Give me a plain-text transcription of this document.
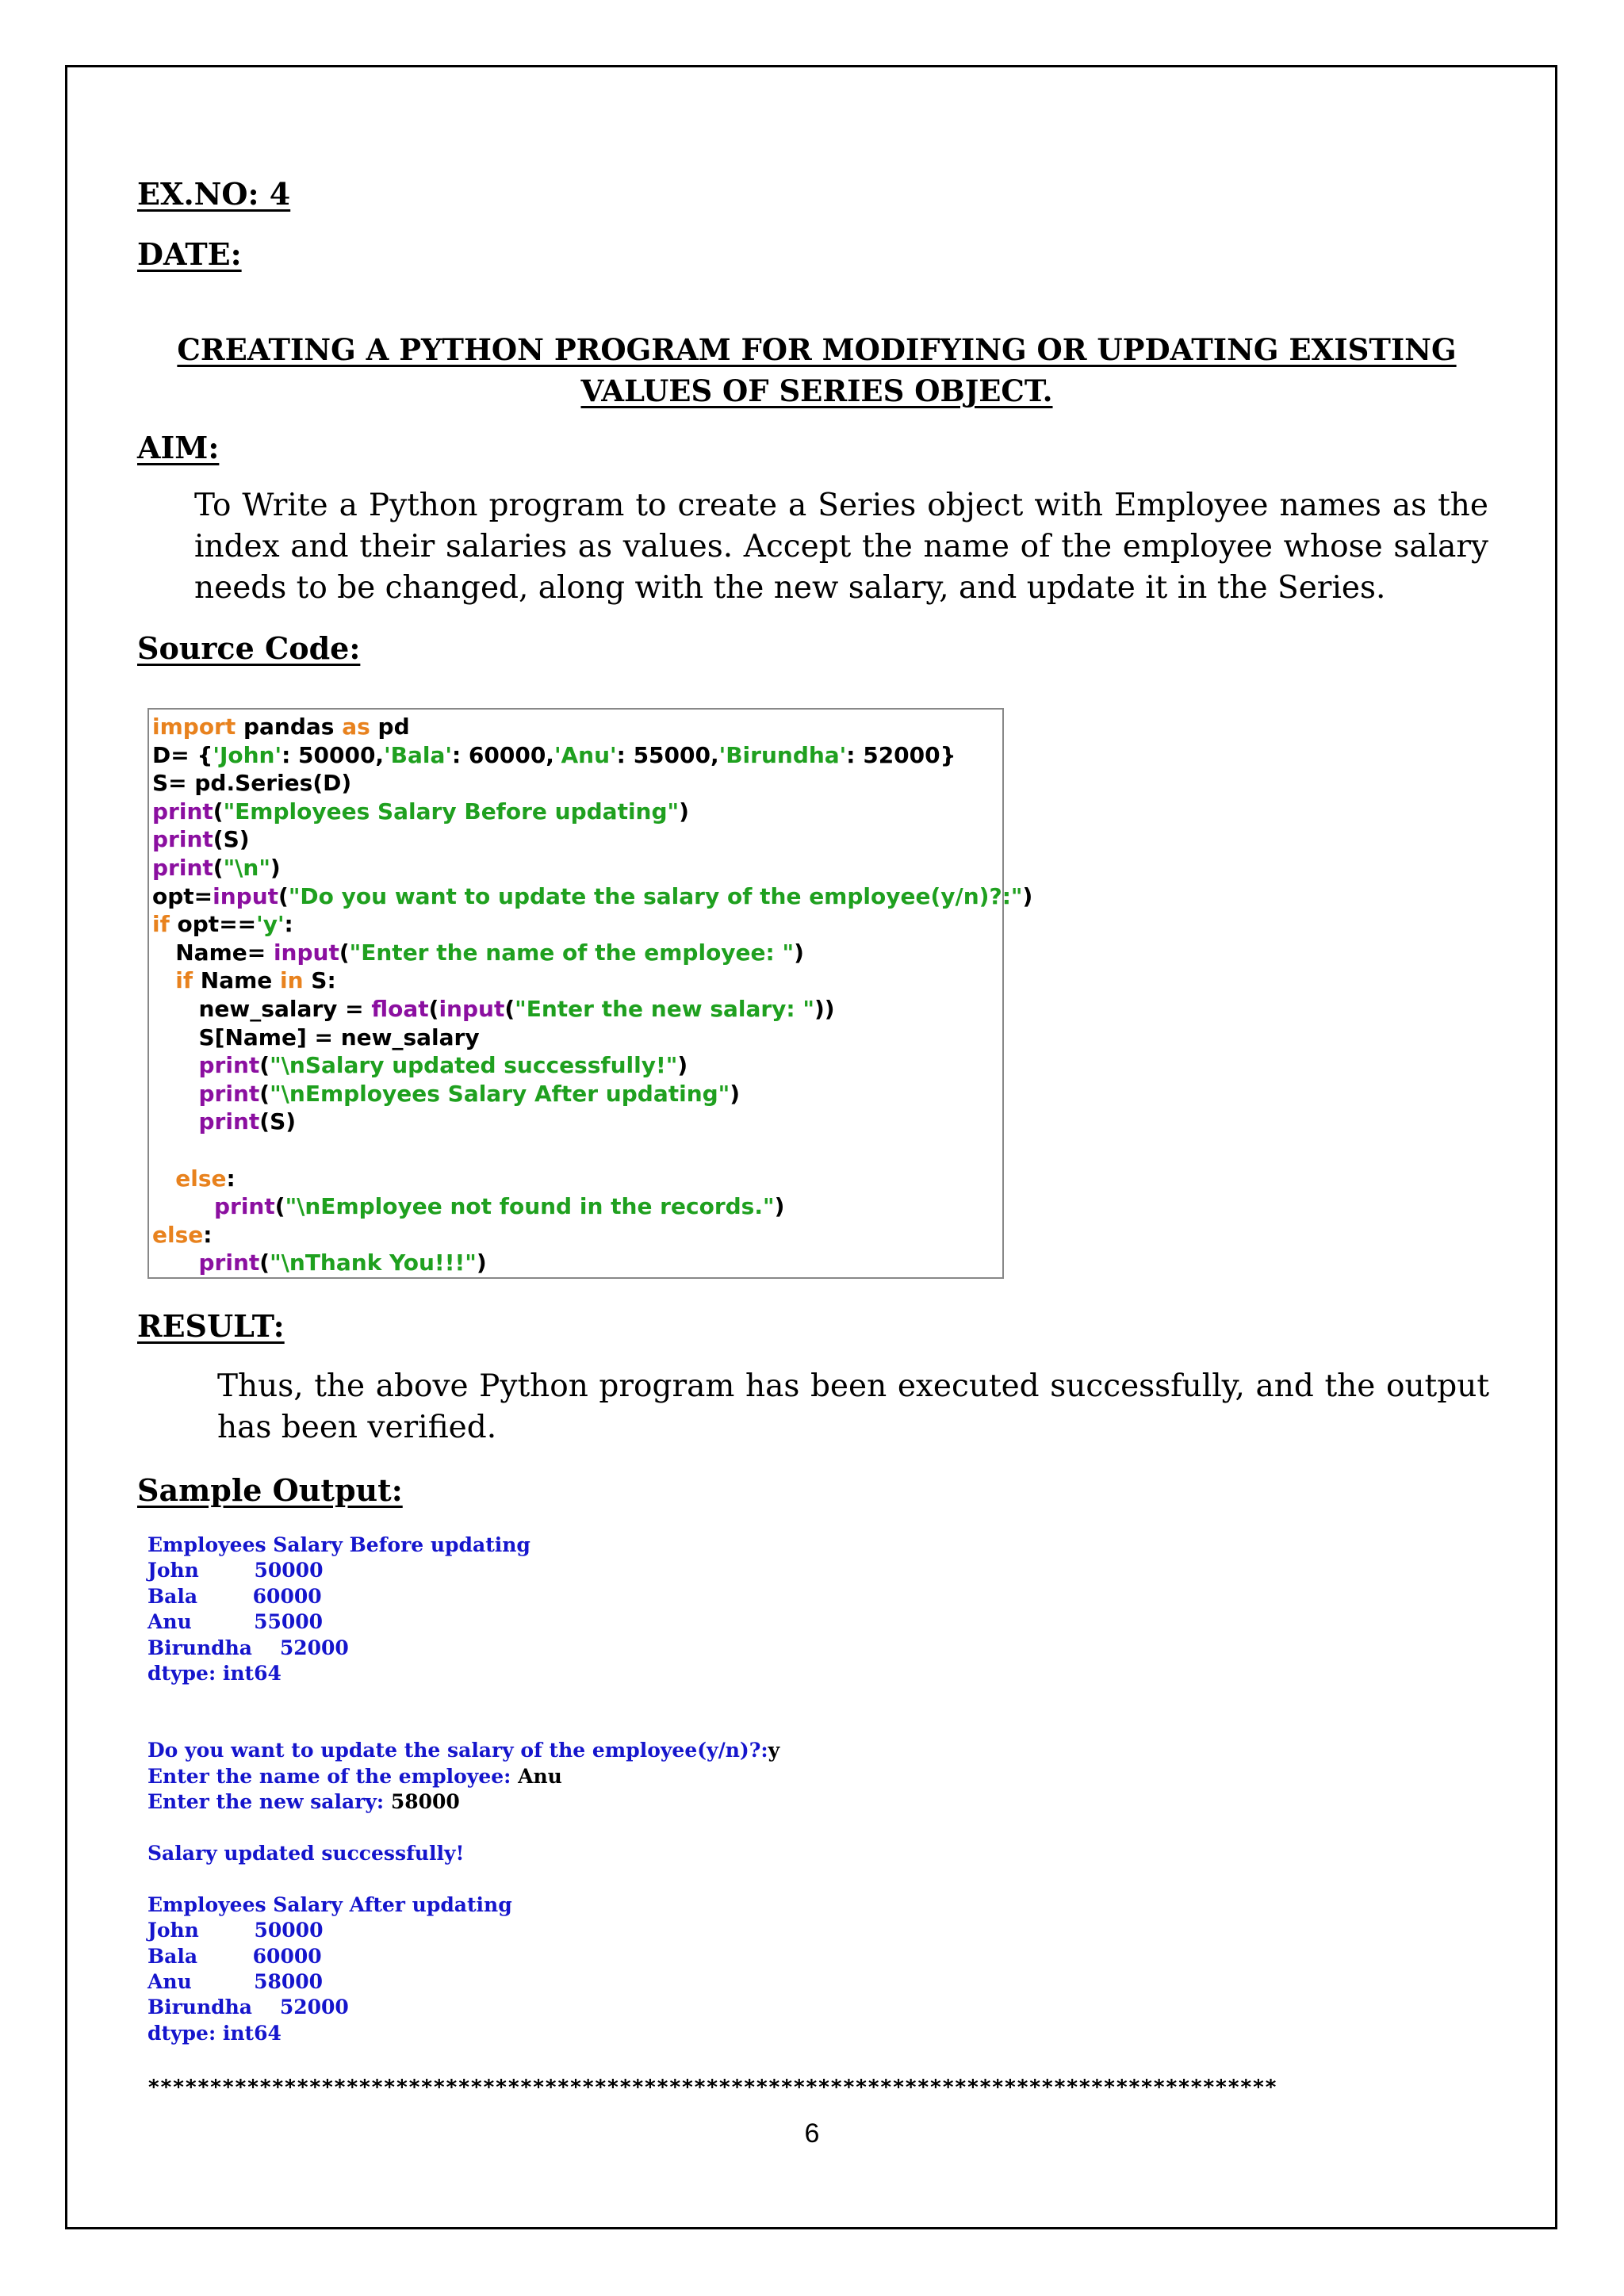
EX.NO: 4
DATE:
CREATING A PYTHON PROGRAM FOR MODIFYING OR UPDATING EXISTING VALUES OF SERIES OBJECT.
AIM:

To Write a Python program to create a Series object with Employee names as the index and their salaries as values. Accept the name of the employee whose salary needs to be changed, along with the new salary, and update it in the Series.

Source Code:
import pandas as pd
D= {'John': 50000,'Bala': 60000,'Anu': 55000,'Birundha': 52000}
S= pd.Series(D)
print("Employees Salary Before updating")
print(S)
print("\n")
opt=input("Do you want to update the salary of the employee(y/n)?:")
if opt=='y':
Name= input("Enter the name of the employee: ")
if Name in S:
new_salary = float(input("Enter the new salary: "))
S[Name] = new_salary
print("\nSalary updated successfully!")
print("\nEmployees Salary After updating")
print(S)
else:
print("\nEmployee not found in the records.")
else:
print("\nThank You!!!")
RESULT:

Thus, the above Python program has been executed successfully, and the output has been verified.

Sample Output:
Employees Salary Before updating
John        50000
Bala        60000
Anu         55000
Birundha    52000
dtype: int64
Do you want to update the salary of the employee(y/n)?:y
Enter the name of the employee: Anu
Enter the new salary: 58000
Salary updated successfully!
Employees Salary After updating
John        50000
Bala        60000
Anu         58000
Birundha    52000
dtype: int64
*******************************************************************************************
6
